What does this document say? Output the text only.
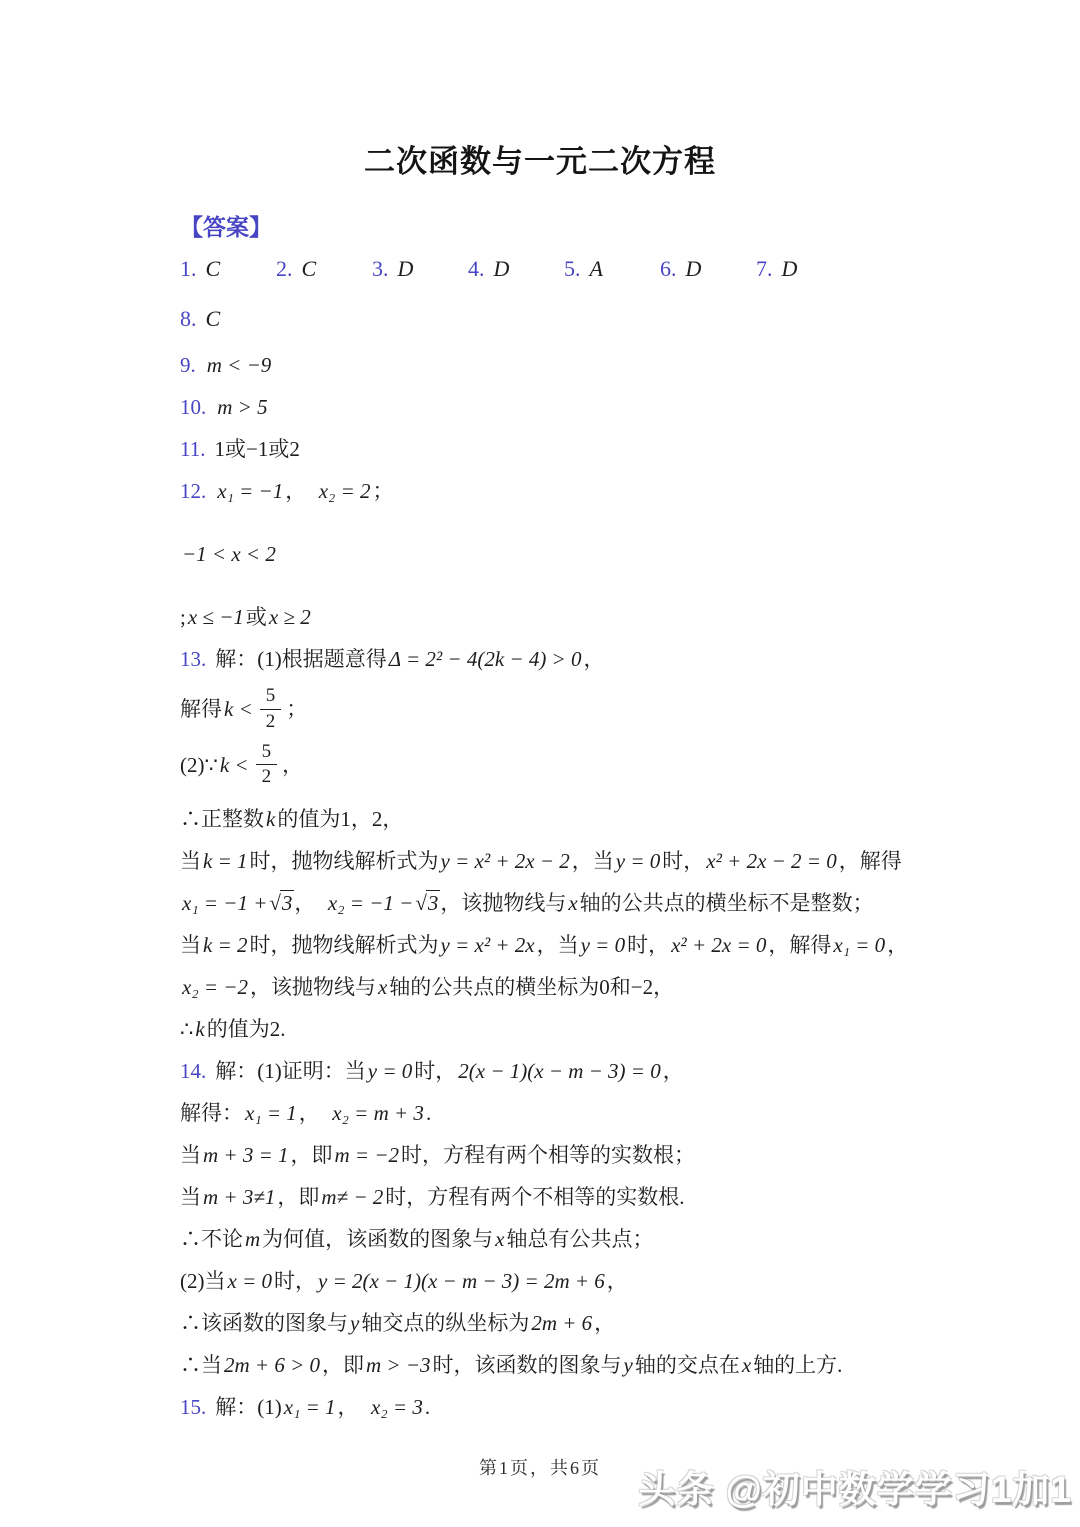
二次函数与一元二次方程
【答案】
1. C	2. C	3. D 4. D 5. A	6. D 7. D
8. C
9. m < −9
10. m > 5
11. 1或−1或2
12. x₁ = −1，  x₂ = 2；
−1 < x < 2
;x ≤ −1或x ≥ 2
13. 解：(1)根据题意得Δ = 2² − 4(2k − 4) > 0，
解得$k < \frac{5}{2}$ ；
(2)∵k < $\frac{5}{2}$ ，
∴正整数k的值为1，2，
当k = 1时，抛物线解析式为y = x² + 2x − 2，当y = 0时，x² + 2x − 2 = 0，解得
x₁ = −1 +√3，  x₂ = −1 −√3，该抛物线与x轴的公共点的横坐标不是整数；
当k = 2时，抛物线解析式为y = x² + 2x，当y = 0时，x² + 2x = 0，解得x₁ = 0，
x₂ = −2，该抛物线与x轴的公共点的横坐标为0和−2，
∴k的值为2.
14. 解：(1)证明：当y = 0时，2(x − 1)(x − m − 3) = 0，
解得：x₁ = 1，  x₂ = m + 3.
当m + 3 = 1，即m = −2时，方程有两个相等的实数根；
当m + 3≠1，即m≠ − 2时，方程有两个不相等的实数根.
∴不论m为何值，该函数的图象与x轴总有公共点；
(2)当x = 0时，y = 2(x − 1)(x − m − 3) = 2m + 6，
∴该函数的图象与y轴交点的纵坐标为2m + 6，
∴当2m + 6 > 0，即m > −3时，该函数的图象与y轴的交点在x轴的上方.
15. 解：(1)x₁ = 1，  x₂ = 3.
第1页，共6页
头条 @初中数学学习1加1
